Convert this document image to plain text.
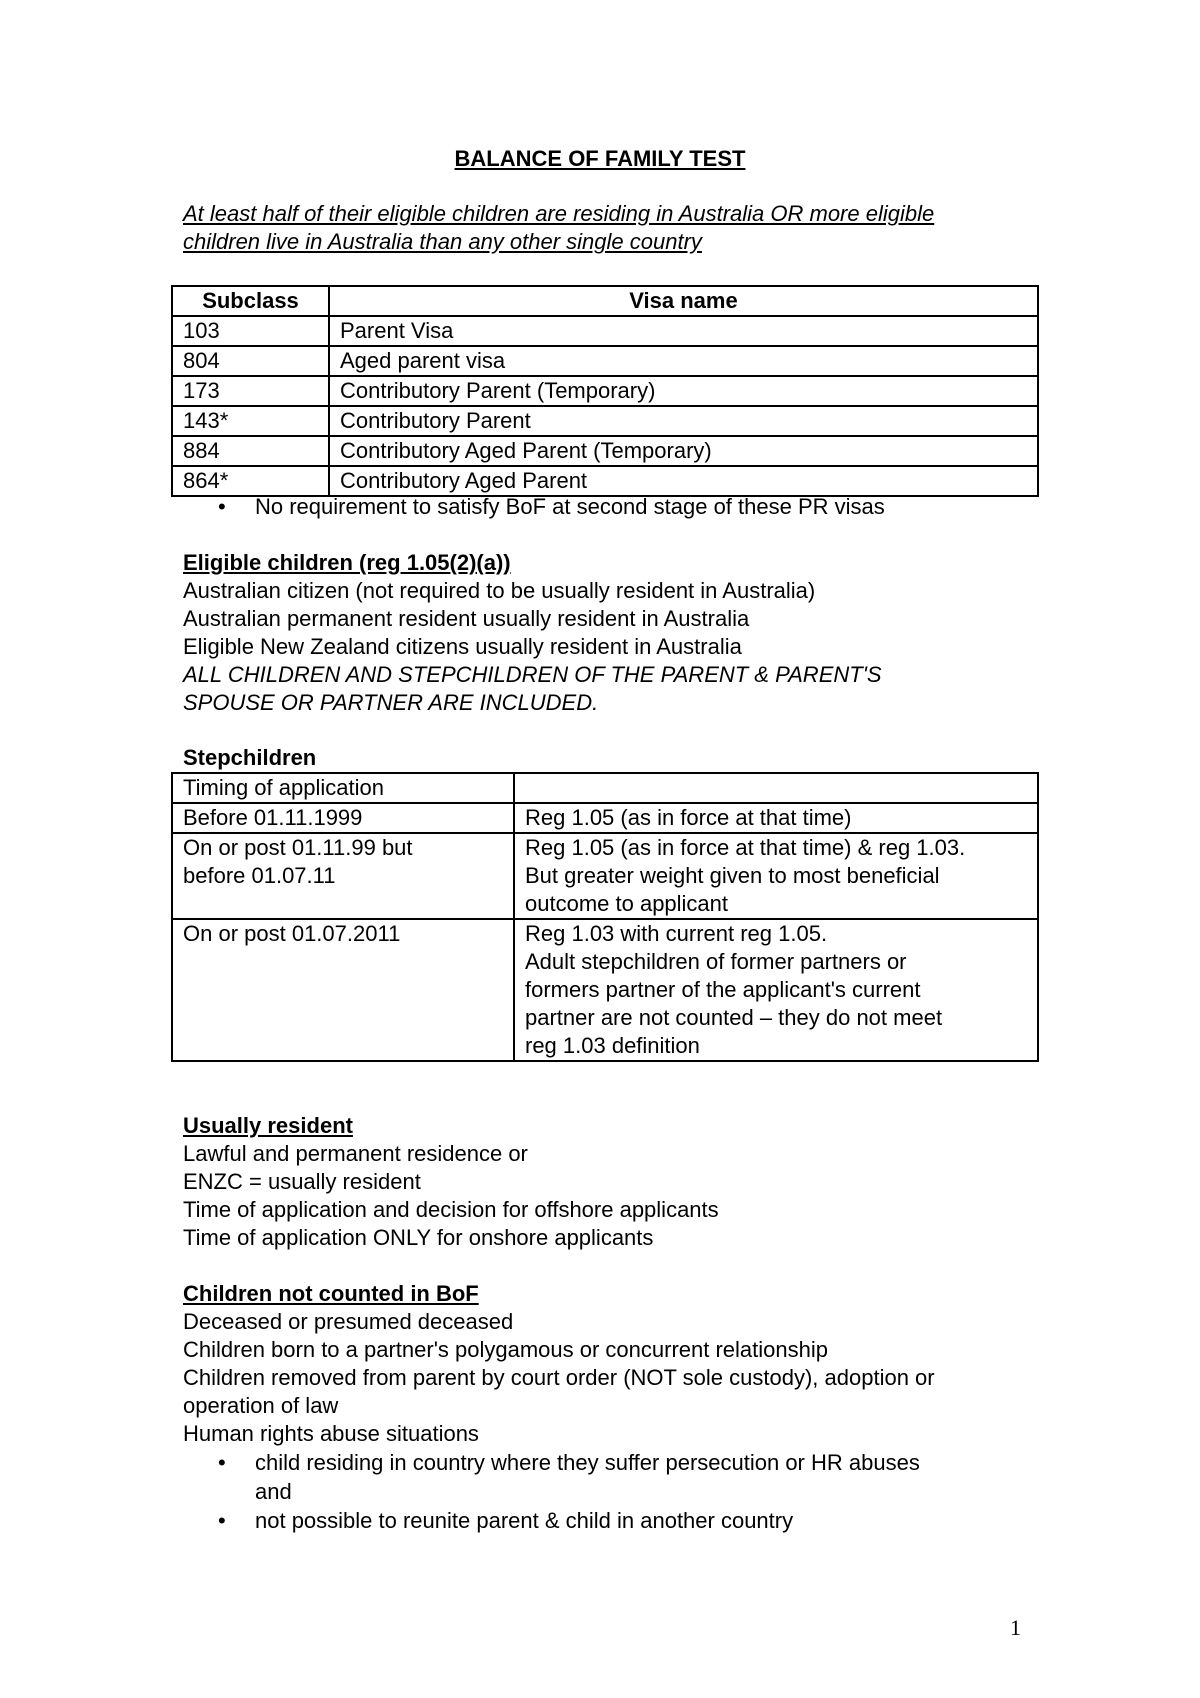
BALANCE OF FAMILY TEST
At least half of their eligible children are residing in Australia OR more eligible
children live in Australia than any other single country
Subclass	Visa name
103	Parent Visa
804	Aged parent visa
173	Contributory Parent (Temporary)
143*	Contributory Parent
884	Contributory Aged Parent (Temporary)
864*	Contributory Aged Parent
• No requirement to satisfy BoF at second stage of these PR visas
Eligible children (reg 1.05(2)(a))
Australian citizen (not required to be usually resident in Australia)
Australian permanent resident usually resident in Australia
Eligible New Zealand citizens usually resident in Australia
ALL CHILDREN AND STEPCHILDREN OF THE PARENT & PARENT'S
SPOUSE OR PARTNER ARE INCLUDED.
Stepchildren
Timing of application	

Before 01.11.1999	Reg 1.05 (as in force at that time)

On or post 01.11.99 but
before 01.07.11	Reg 1.05 (as in force at that time) & reg 1.03.
But greater weight given to most beneficial
outcome to applicant

On or post 01.07.2011	Reg 1.03 with current reg 1.05.
Adult stepchildren of former partners or
formers partner of the applicant's current
partner are not counted – they do not meet
reg 1.03 definition
Usually resident
Lawful and permanent residence or
ENZC = usually resident
Time of application and decision for offshore applicants
Time of application ONLY for onshore applicants
Children not counted in BoF
Deceased or presumed deceased
Children born to a partner's polygamous or concurrent relationship
Children removed from parent by court order (NOT sole custody), adoption or
operation of law
Human rights abuse situations
• child residing in country where they suffer persecution or HR abuses
and
• not possible to reunite parent & child in another country
1
